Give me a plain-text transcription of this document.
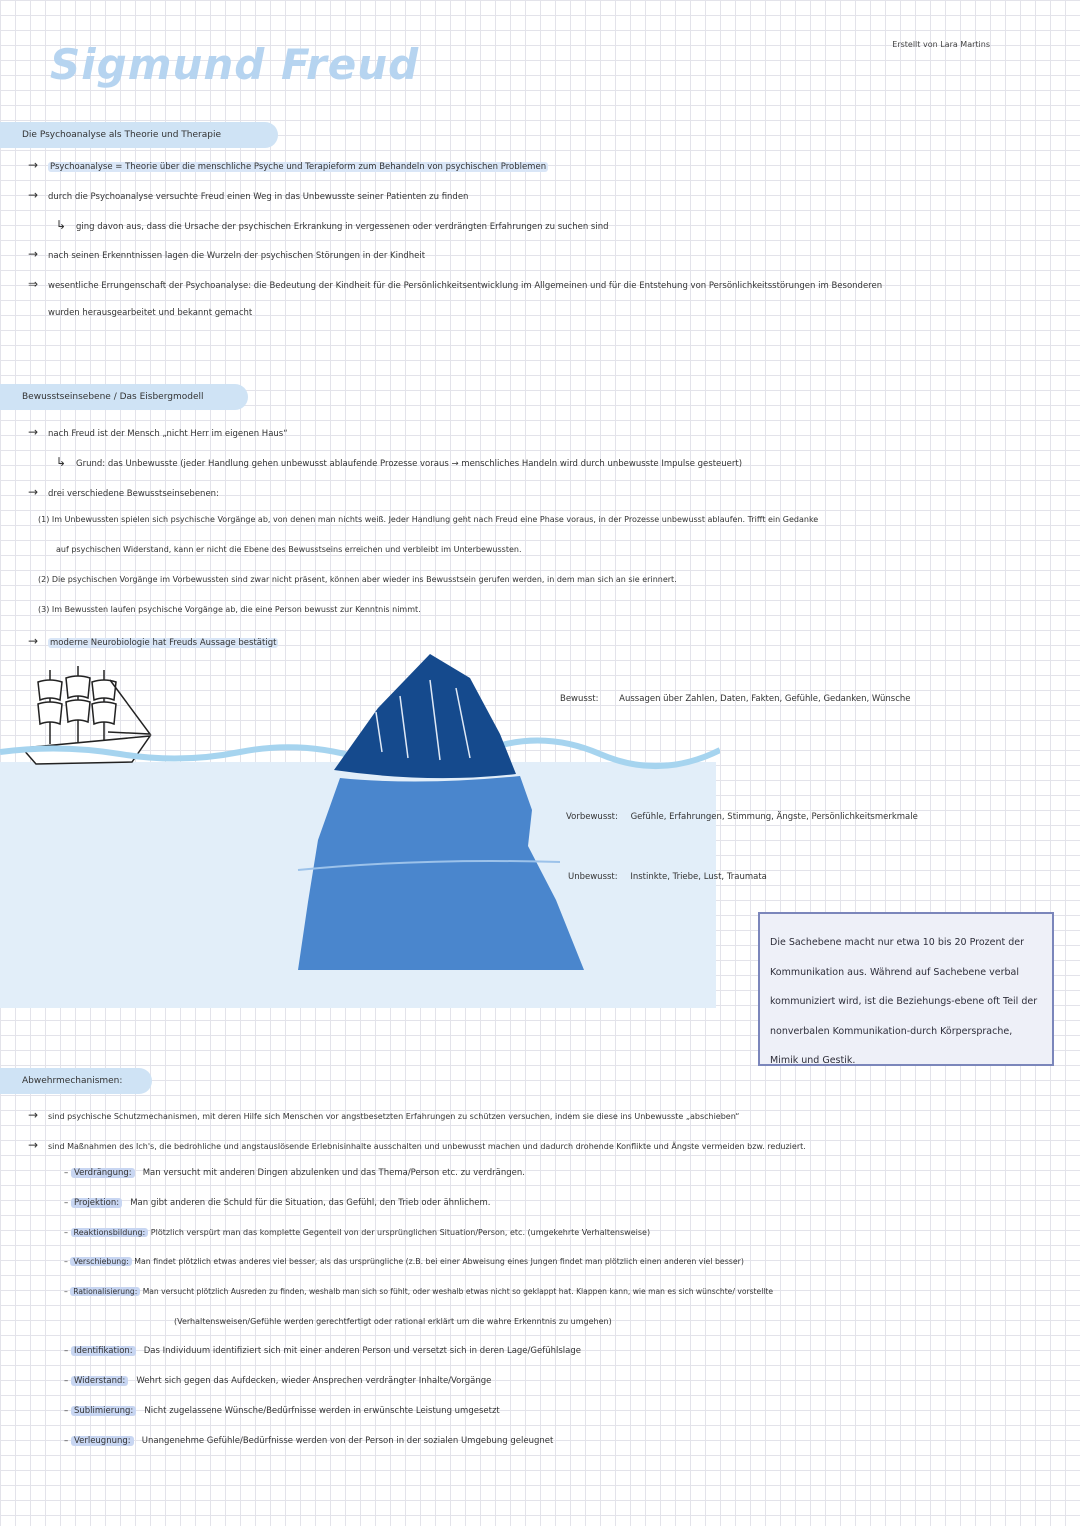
Sigmund Freud	Erstellt von Lara Martins
Die Psychoanalyse als Theorie und Therapie
→ Psychoanalyse = Theorie über die menschliche Psyche und Terapieform zum Behandeln von psychischen Problemen
→ durch die Psychoanalyse versuchte Freud einen Weg in das Unbewusste seiner Patienten zu finden
↳ ging davon aus, dass die Ursache der psychischen Erkrankung in vergessenen oder verdrängten Erfahrungen zu suchen sind
→ nach seinen Erkenntnissen lagen die Wurzeln der psychischen Störungen in der Kindheit
⇒ wesentliche Errungenschaft der Psychoanalyse: die Bedeutung der Kindheit für die Persönlichkeitsentwicklung im Allgemeinen und für die Entstehung von Persönlichkeitsstörungen im Besonderen
wurden herausgearbeitet und bekannt gemacht
Bewusstseinsebene / Das Eisbergmodell
→ nach Freud ist der Mensch „nicht Herr im eigenen Haus“
↳ Grund: das Unbewusste (jeder Handlung gehen unbewusst ablaufende Prozesse voraus → menschliches Handeln wird durch unbewusste Impulse gesteuert)
→ drei verschiedene Bewusstseinsebenen:
(1) Im Unbewussten spielen sich psychische Vorgänge ab, von denen man nichts weiß. Jeder Handlung geht nach Freud eine Phase voraus, in der Prozesse unbewusst ablaufen. Trifft ein Gedanke
auf psychischen Widerstand, kann er nicht die Ebene des Bewusstseins erreichen und verbleibt im Unterbewussten.
(2) Die psychischen Vorgänge im Vorbewussten sind zwar nicht präsent, können aber wieder ins Bewusstsein gerufen werden, in dem man sich an sie erinnert.
(3) Im Bewussten laufen psychische Vorgänge ab, die eine Person bewusst zur Kenntnis nimmt.
→ moderne Neurobiologie hat Freuds Aussage bestätigt
Bewusst: Aussagen über Zahlen, Daten, Fakten, Gefühle, Gedanken, Wünsche
Vorbewusst: Gefühle, Erfahrungen, Stimmung, Ängste, Persönlichkeitsmerkmale
Unbewusst: Instinkte, Triebe, Lust, Traumata
Die Sachebene macht nur etwa 10 bis 20 Prozent der Kommunikation aus. Während auf Sachebene verbal kommuniziert wird, ist die Beziehungs-ebene oft Teil der nonverbalen Kommunikation-durch Körpersprache, Mimik und Gestik.
Abwehrmechanismen:
→ sind psychische Schutzmechanismen, mit deren Hilfe sich Menschen vor angstbesetzten Erfahrungen zu schützen versuchen, indem sie diese ins Unbewusste „abschieben“
→ sind Maßnahmen des Ich's, die bedrohliche und angstauslösende Erlebnisinhalte ausschalten und unbewusst machen und dadurch drohende Konflikte und Ängste vermeiden bzw. reduziert.
– Verdrängung: Man versucht mit anderen Dingen abzulenken und das Thema/Person etc. zu verdrängen.
– Projektion: Man gibt anderen die Schuld für die Situation, das Gefühl, den Trieb oder ähnlichem.
– Reaktionsbildung: Plötzlich verspürt man das komplette Gegenteil von der ursprünglichen Situation/Person, etc. (umgekehrte Verhaltensweise)
– Verschiebung: Man findet plötzlich etwas anderes viel besser, als das ursprüngliche (z.B. bei einer Abweisung eines Jungen findet man plötzlich einen anderen viel besser)
– Rationalisierung: Man versucht plötzlich Ausreden zu finden, weshalb man sich so fühlt, oder weshalb etwas nicht so geklappt hat. Klappen kann, wie man es sich wünschte/ vorstellte
(Verhaltensweisen/Gefühle werden gerechtfertigt oder rational erklärt um die wahre Erkenntnis zu umgehen)
– Identifikation: Das Individuum identifiziert sich mit einer anderen Person und versetzt sich in deren Lage/Gefühlslage
– Widerstand: Wehrt sich gegen das Aufdecken, wieder Ansprechen verdrängter Inhalte/Vorgänge
– Sublimierung: Nicht zugelassene Wünsche/Bedürfnisse werden in erwünschte Leistung umgesetzt
– Verleugnung: Unangenehme Gefühle/Bedürfnisse werden von der Person in der sozialen Umgebung geleugnet
